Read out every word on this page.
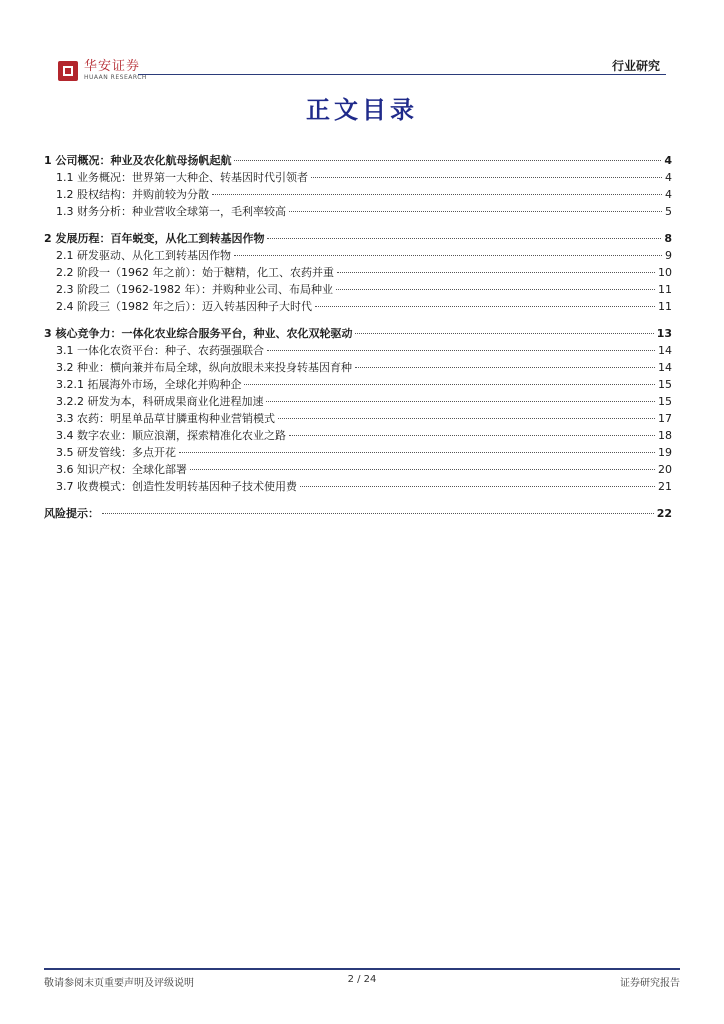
华安证券
HUAAN RESEARCH
行业研究
正文目录
1 公司概况：种业及农化航母扬帆起航	4
1.1 业务概况：世界第一大种企、转基因时代引领者	4
1.2 股权结构：并购前较为分散	4
1.3 财务分析：种业营收全球第一，毛利率较高	5
2 发展历程：百年蜕变，从化工到转基因作物	8
2.1 研发驱动、从化工到转基因作物	9
2.2 阶段一（1962 年之前）：始于糖精，化工、农药并重	10
2.3 阶段二（1962-1982 年）：并购种业公司、布局种业	11
2.4 阶段三（1982 年之后）：迈入转基因种子大时代	11
3 核心竞争力：一体化农业综合服务平台，种业、农化双轮驱动	13
3.1 一体化农资平台：种子、农药强强联合	14
3.2 种业：横向兼并布局全球，纵向放眼未来投身转基因育种	14
3.2.1 拓展海外市场，全球化并购种企	15
3.2.2 研发为本，科研成果商业化进程加速	15
3.3 农药：明星单品草甘膦重构种业营销模式	17
3.4 数字农业：顺应浪潮，探索精准化农业之路	18
3.5 研发管线：多点开花	19
3.6 知识产权：全球化部署	20
3.7 收费模式：创造性发明转基因种子技术使用费	21
风险提示：	22
敬请参阅末页重要声明及评级说明	2 / 24	证券研究报告
